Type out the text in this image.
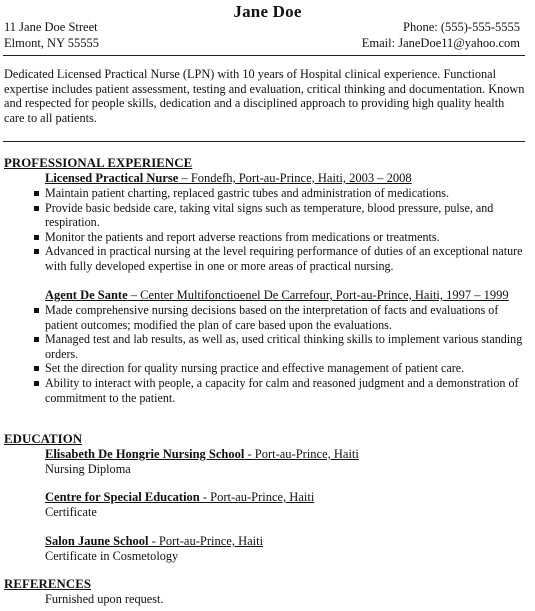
Jane Doe
11 Jane Doe Street	Phone: (555)-555-5555
Elmont, NY 55555	Email: JaneDoe11@yahoo.com
Dedicated Licensed Practical Nurse (LPN) with 10 years of Hospital clinical experience. Functional expertise includes patient assessment, testing and evaluation, critical thinking and documentation. Known and respected for people skills, dedication and a disciplined approach to providing high quality health care to all patients.
PROFESSIONAL EXPERIENCE
Licensed Practical Nurse – Fondefh, Port-au-Prince, Haiti, 2003 – 2008
Maintain patient charting, replaced gastric tubes and administration of medications.
Provide basic bedside care, taking vital signs such as temperature, blood pressure, pulse, and respiration.
Monitor the patients and report adverse reactions from medications or treatments.
Advanced in practical nursing at the level requiring performance of duties of an exceptional nature with fully developed expertise in one or more areas of practical nursing.
Agent De Sante – Center Multifonctioenel De Carrefour, Port-au-Prince, Haiti, 1997 – 1999
Made comprehensive nursing decisions based on the interpretation of facts and evaluations of patient outcomes; modified the plan of care based upon the evaluations.
Managed test and lab results, as well as, used critical thinking skills to implement various standing orders.
Set the direction for quality nursing practice and effective management of patient care.
Ability to interact with people, a capacity for calm and reasoned judgment and a demonstration of commitment to the patient.
EDUCATION
Elisabeth De Hongrie Nursing School - Port-au-Prince, Haiti
Nursing Diploma
Centre for Special Education - Port-au-Prince, Haiti
Certificate
Salon Jaune School - Port-au-Prince, Haiti
Certificate in Cosmetology
REFERENCES
Furnished upon request.
